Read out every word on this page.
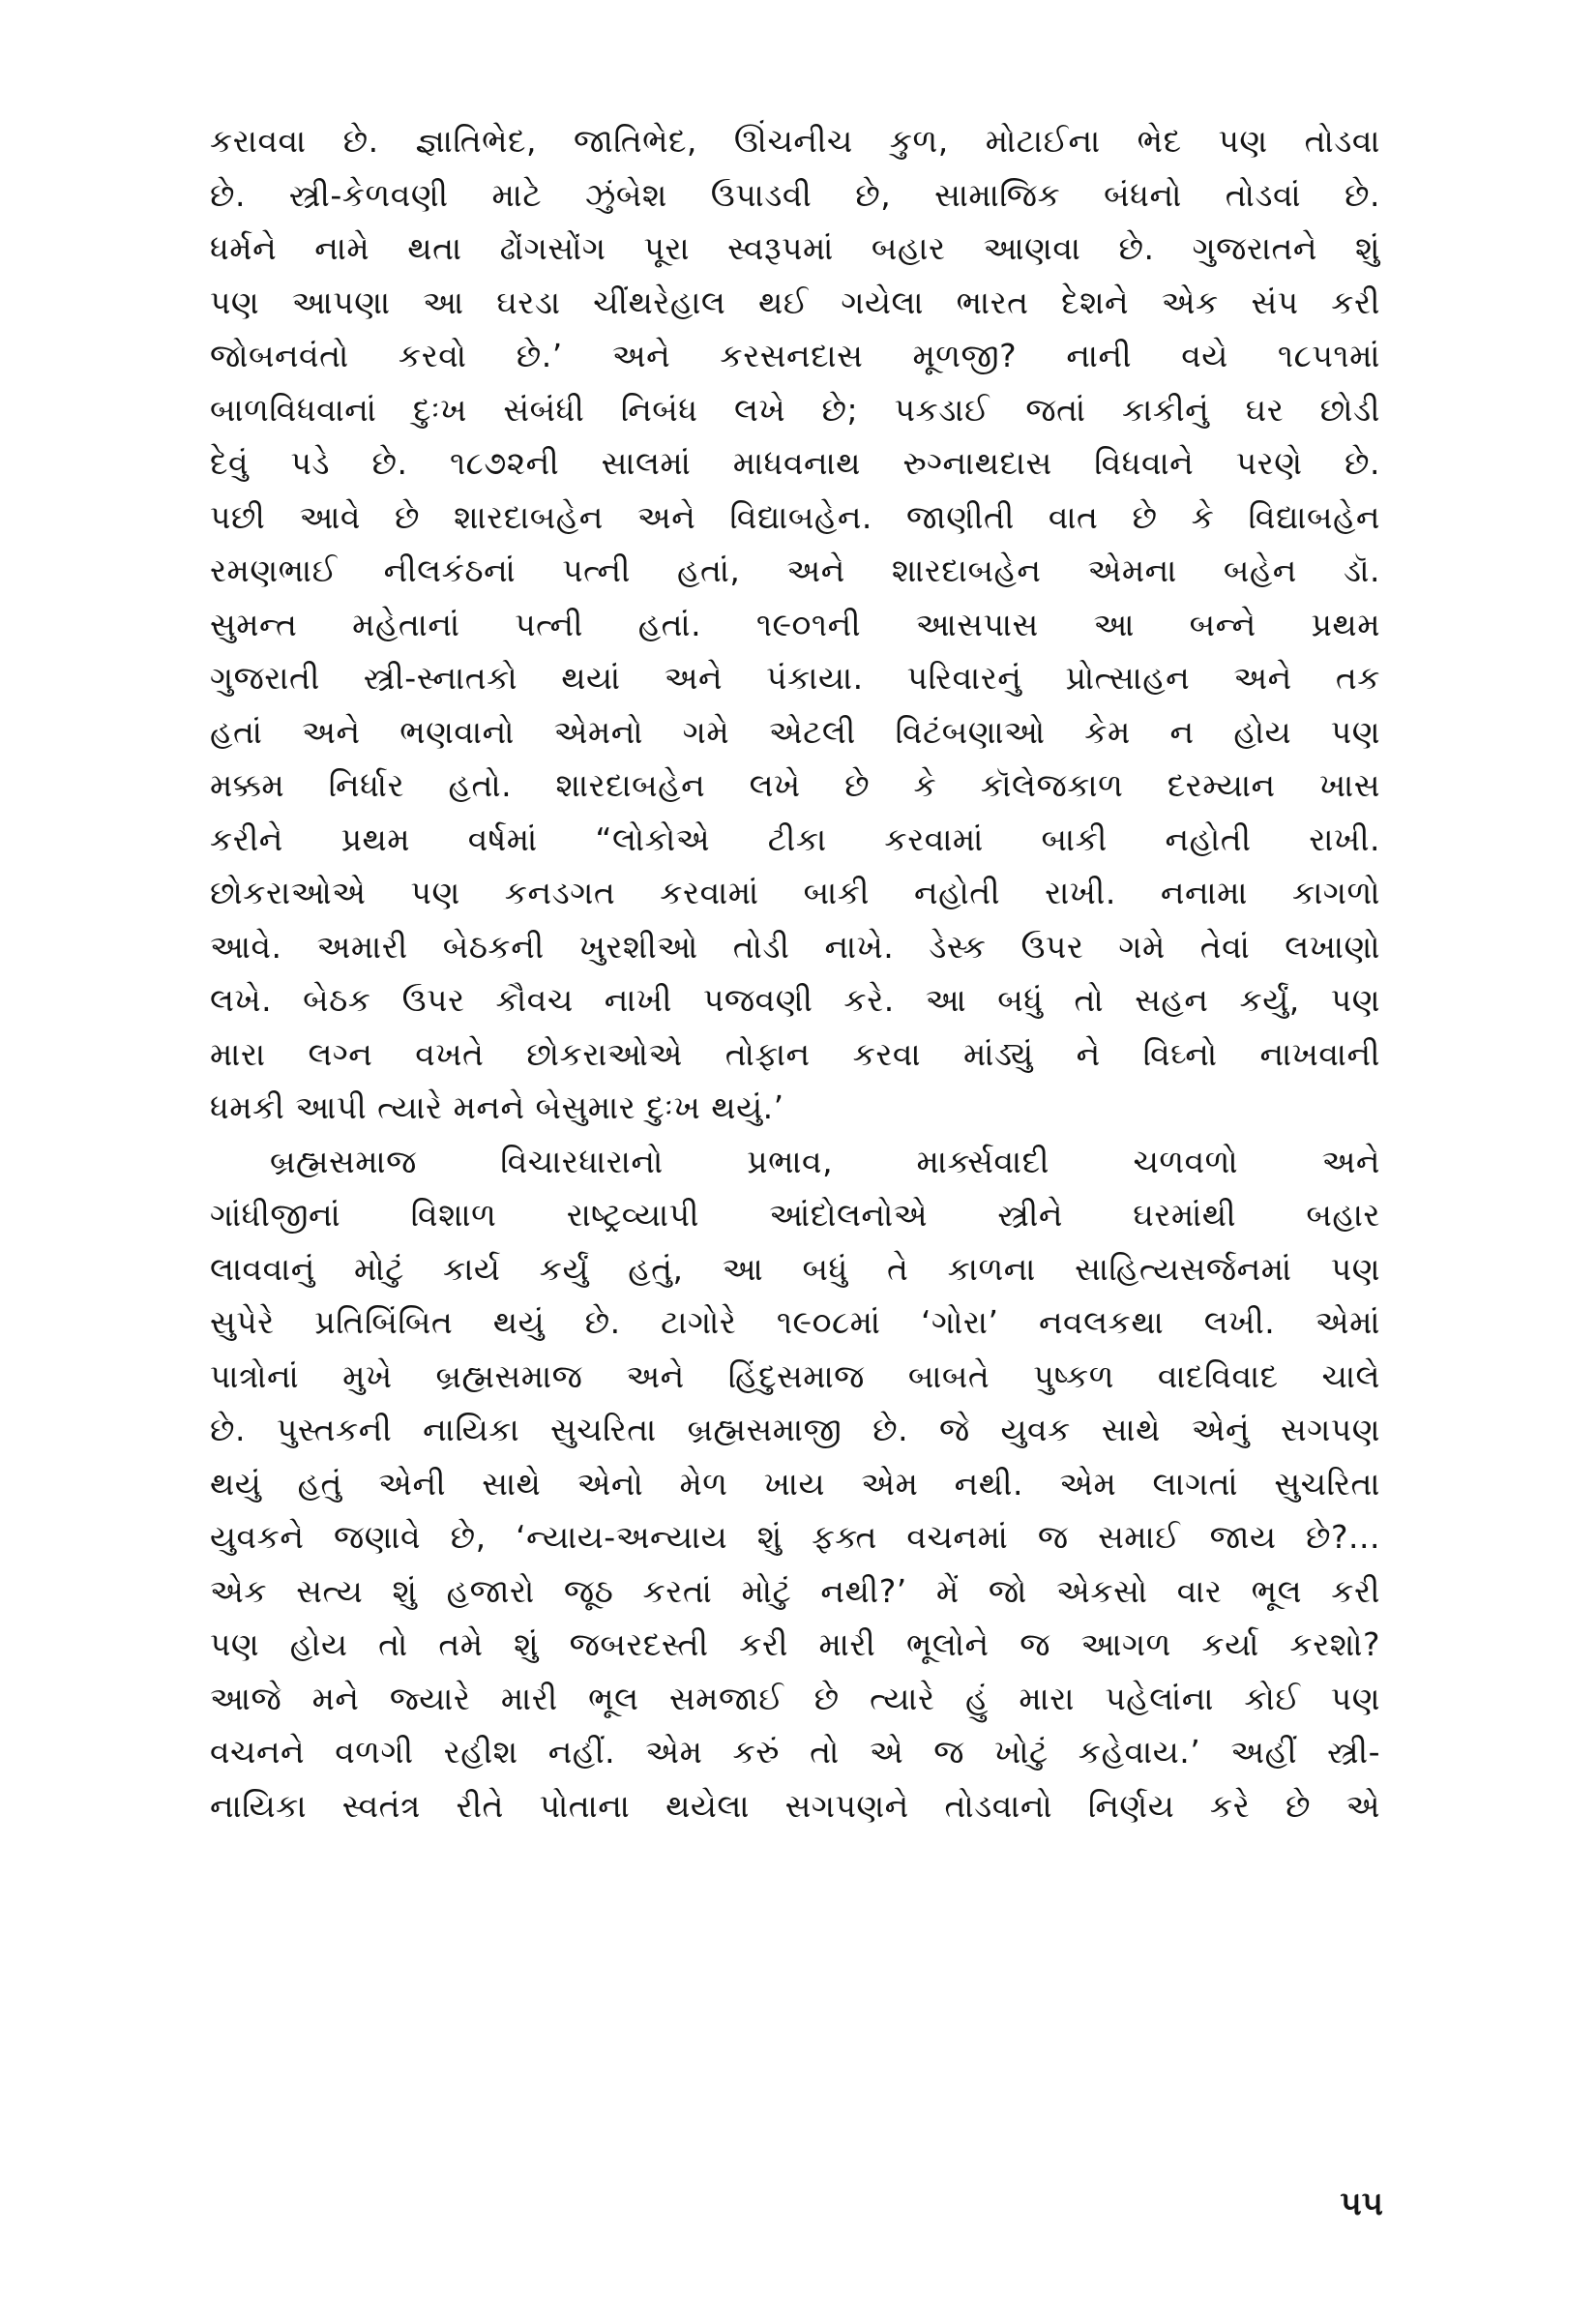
કરાવવા છે. જ્ઞાતિભેદ, જાતિભેદ, ઊંચનીચ કુળ, મોટાઈના ભેદ પણ તોડવા
છે. સ્ત્રી-કેળવણી માટે ઝુંબેશ ઉપાડવી છે, સામાજિક બંધનો તોડવાં છે.
ધર્મને નામે થતા ઢોંગસોંગ પૂરા સ્વરૂપમાં બહાર આણવા છે. ગુજરાતને શું
પણ આપણા આ ઘરડા ચીંથરેહાલ થઈ ગયેલા ભારત દેશને એક સંપ કરી
જોબનવંતો કરવો છે.’ અને કરસનદાસ મૂળજી? નાની વયે ૧૮૫૧માં
બાળવિધવાનાં દુઃખ સંબંધી નિબંધ લખે છે; પકડાઈ જતાં કાકીનું ઘર છોડી
દેવું પડે છે. ૧૮૭૨ની સાલમાં માધવનાથ રુગ્નાથદાસ વિધવાને પરણે છે.
પછી આવે છે શારદાબહેન અને વિદ્યાબહેન. જાણીતી વાત છે કે વિદ્યાબહેન
રમણભાઈ નીલકંઠનાં પત્ની હતાં, અને શારદાબહેન એમના બહેન ડૉ.
સુમન્ત મહેતાનાં પત્ની હતાં. ૧૯૦૧ની આસપાસ આ બન્ને પ્રથમ
ગુજરાતી સ્ત્રી-સ્નાતકો થયાં અને પંકાયા. પરિવારનું પ્રોત્સાહન અને તક
હતાં અને ભણવાનો એમનો ગમે એટલી વિટંબણાઓ કેમ ન હોય પણ
મક્કમ નિર્ધાર હતો. શારદાબહેન લખે છે કે કૉલેજકાળ દરમ્યાન ખાસ
કરીને પ્રથમ વર્ષમાં “લોકોએ ટીકા કરવામાં બાકી નહોતી રાખી.
છોકરાઓએ પણ કનડગત કરવામાં બાકી નહોતી રાખી. નનામા કાગળો
આવે. અમારી બેઠકની ખુરશીઓ તોડી નાખે. ડેસ્ક ઉપર ગમે તેવાં લખાણો
લખે. બેઠક ઉપર કૌવચ નાખી પજવણી કરે. આ બધું તો સહન કર્યું, પણ
મારા લગ્ન વખતે છોકરાઓએ તોફાન કરવા માંડ્યું ને વિઘ્નો નાખવાની
ધમકી આપી ત્યારે મનને બેસુમાર દુઃખ થયું.’
બ્રહ્મસમાજ વિચારધારાનો પ્રભાવ, માર્ક્સવાદી ચળવળો અને
ગાંધીજીનાં વિશાળ રાષ્ટ્રવ્યાપી આંદોલનોએ સ્ત્રીને ઘરમાંથી બહાર
લાવવાનું મોટું કાર્ય કર્યું હતું, આ બધું તે કાળના સાહિત્યસર્જનમાં પણ
સુપેરે પ્રતિબિંબિત થયું છે. ટાગોરે ૧૯૦૮માં ‘ગોરા’ નવલકથા લખી. એમાં
પાત્રોનાં મુખે બ્રહ્મસમાજ અને હિંદુસમાજ બાબતે પુષ્કળ વાદવિવાદ ચાલે
છે. પુસ્તકની નાયિકા સુચરિતા બ્રહ્મસમાજી છે. જે યુવક સાથે એનું સગપણ
થયું હતું એની સાથે એનો મેળ ખાય એમ નથી. એમ લાગતાં સુચરિતા
યુવકને જણાવે છે, ‘ન્યાય-અન્યાય શું ફક્ત વચનમાં જ સમાઈ જાય છે?...
એક સત્ય શું હજારો જૂઠ કરતાં મોટું નથી?’ મેં જો એકસો વાર ભૂલ કરી
પણ હોય તો તમે શું જબરદસ્તી કરી મારી ભૂલોને જ આગળ કર્યા કરશો?
આજે મને જ્યારે મારી ભૂલ સમજાઈ છે ત્યારે હું મારા પહેલાંના કોઈ પણ
વચનને વળગી રહીશ નહીં. એમ કરું તો એ જ ખોટું કહેવાય.’ અહીં સ્ત્રી-
નાયિકા સ્વતંત્ર રીતે પોતાના થયેલા સગપણને તોડવાનો નિર્ણય કરે છે એ
૫૫
